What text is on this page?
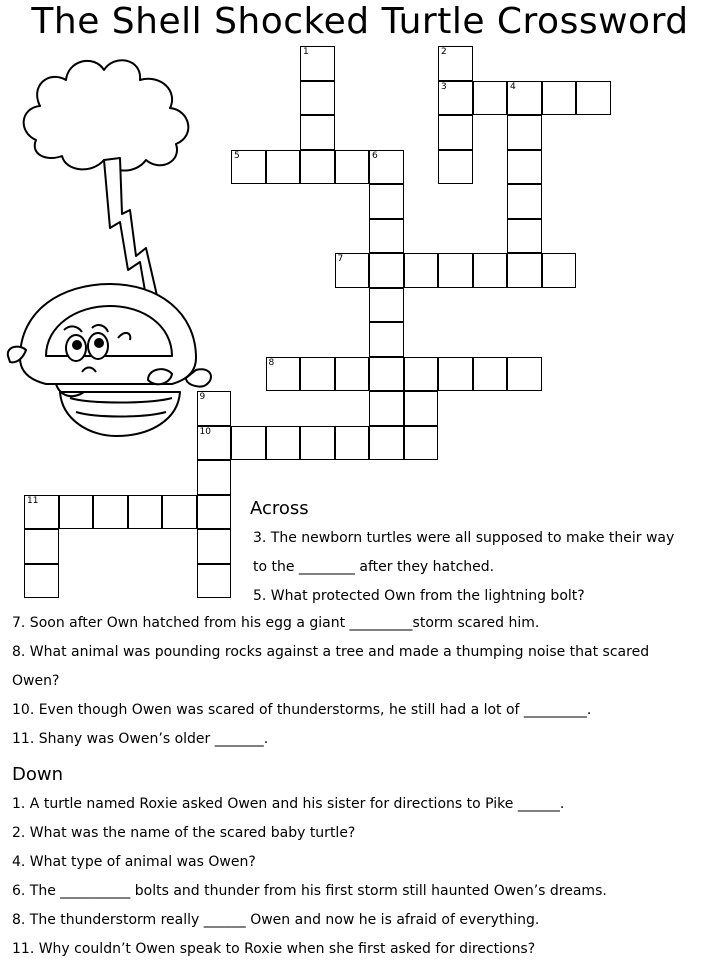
The Shell Shocked Turtle Crossword
1	2
3	4
5	6
7
8
9
10
11	Across
3. The newborn turtles were all supposed to make their way
to the ________ after they hatched.
5. What protected Own from the lightning bolt?
7. Soon after Own hatched from his egg a giant _________storm scared him.
8. What animal was pounding rocks against a tree and made a thumping noise that scared
Owen?
10. Even though Owen was scared of thunderstorms, he still had a lot of _________.
11. Shany was Owen’s older _______.
Down
1. A turtle named Roxie asked Owen and his sister for directions to Pike ______.
2. What was the name of the scared baby turtle?
4. What type of animal was Owen?
6. The __________ bolts and thunder from his first storm still haunted Owen’s dreams.
8. The thunderstorm really ______ Owen and now he is afraid of everything.
11. Why couldn’t Owen speak to Roxie when she first asked for directions?
